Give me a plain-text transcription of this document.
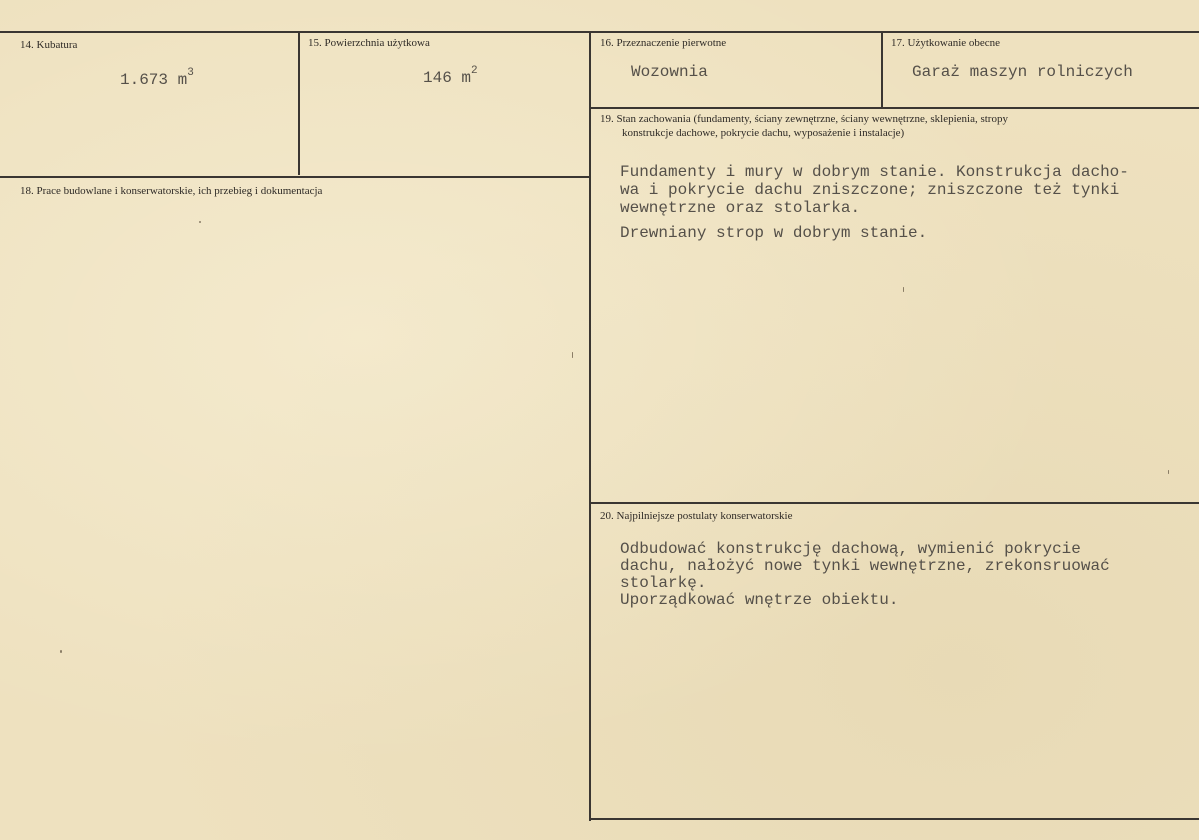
14. Kubatura
1.673 $m^3$
15. Powierzchnia użytkowa
146 $m^2$
16. Przeznaczenie pierwotne
Wozownia
17. Użytkowanie obecne
Garaż maszyn rolniczych
18. Prace budowlane i konserwatorskie, ich przebieg i dokumentacja
19. Stan zachowania (fundamenty, ściany zewnętrzne, ściany wewnętrzne, sklepienia, stropy
konstrukcje dachowe, pokrycie dachu, wyposażenie i instalacje)
Fundamenty i mury w dobrym stanie. Konstrukcja dacho-
wa i pokrycie dachu zniszczone; zniszczone też tynki
wewnętrzne oraz stolarka.
Drewniany strop w dobrym stanie.
20. Najpilniejsze postulaty konserwatorskie
Odbudować konstrukcję dachową, wymienić pokrycie
dachu, nałożyć nowe tynki wewnętrzne, zrekonsruować
stolarkę.
Uporządkować wnętrze obiektu.
